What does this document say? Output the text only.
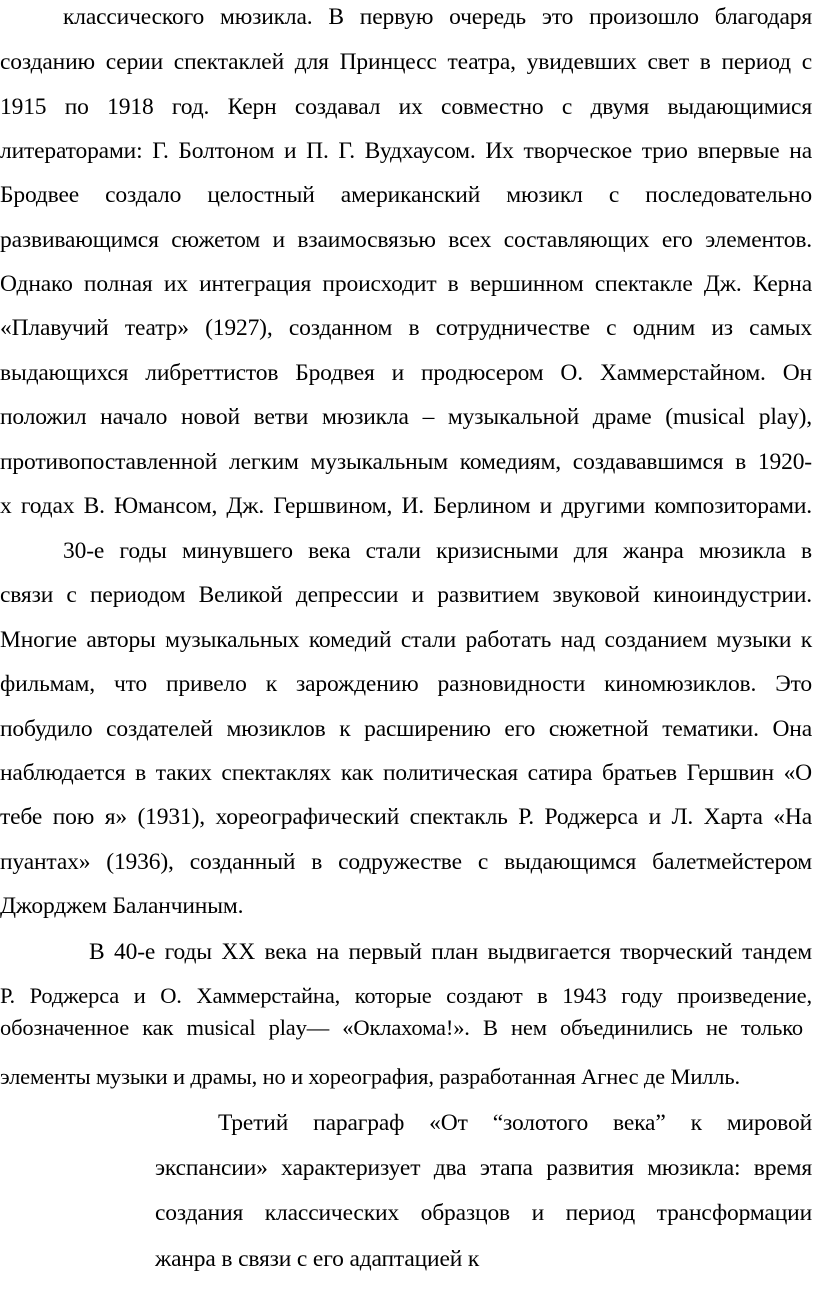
классического мюзикла. В первую очередь это произошло благодаря
созданию серии спектаклей для Принцесс театра, увидевших свет в период с
1915 по 1918 год. Керн создавал их совместно с двумя выдающимися
литераторами: Г. Болтоном и П. Г. Вудхаусом. Их творческое трио впервые на
Бродвее создало целостный американский мюзикл с последовательно
развивающимся сюжетом и взаимосвязью всех составляющих его элементов.
Однако полная их интеграция происходит в вершинном спектакле Дж. Керна
«Плавучий театр» (1927), созданном в сотрудничестве с одним из самых
выдающихся либреттистов Бродвея и продюсером О. Хаммерстайном. Он
положил начало новой ветви мюзикла – музыкальной драме (musical play),
противопоставленной легким музыкальным комедиям, создававшимся в 1920-
х годах В. Юмансом, Дж. Гершвином, И. Берлином и другими композиторами.
30-е годы минувшего века стали кризисными для жанра мюзикла в
связи с периодом Великой депрессии и развитием звуковой киноиндустрии.
Многие авторы музыкальных комедий стали работать над созданием музыки к
фильмам, что привело к зарождению разновидности киномюзиклов. Это
побудило создателей мюзиклов к расширению его сюжетной тематики. Она
наблюдается в таких спектаклях как политическая сатира братьев Гершвин «О
тебе пою я» (1931), хореографический спектакль Р. Роджерса и Л. Харта «На
пуантах» (1936), созданный в содружестве с выдающимся балетмейстером
Джорджем Баланчиным.
В 40-е годы XX века на первый план выдвигается творческий тандем
Р. Роджерса и О. Хаммерстайна, которые создают в 1943 году произведение,
обозначенное как musical play— «Оклахома!». В нем объединились не только
элементы музыки и драмы, но и хореография, разработанная Агнес де Милль.
Третий параграф «От “золотого века” к мировой
экспансии» характеризует два этапа развития мюзикла: время
создания классических образцов и период трансформации
жанра в связи с его адаптацией к
